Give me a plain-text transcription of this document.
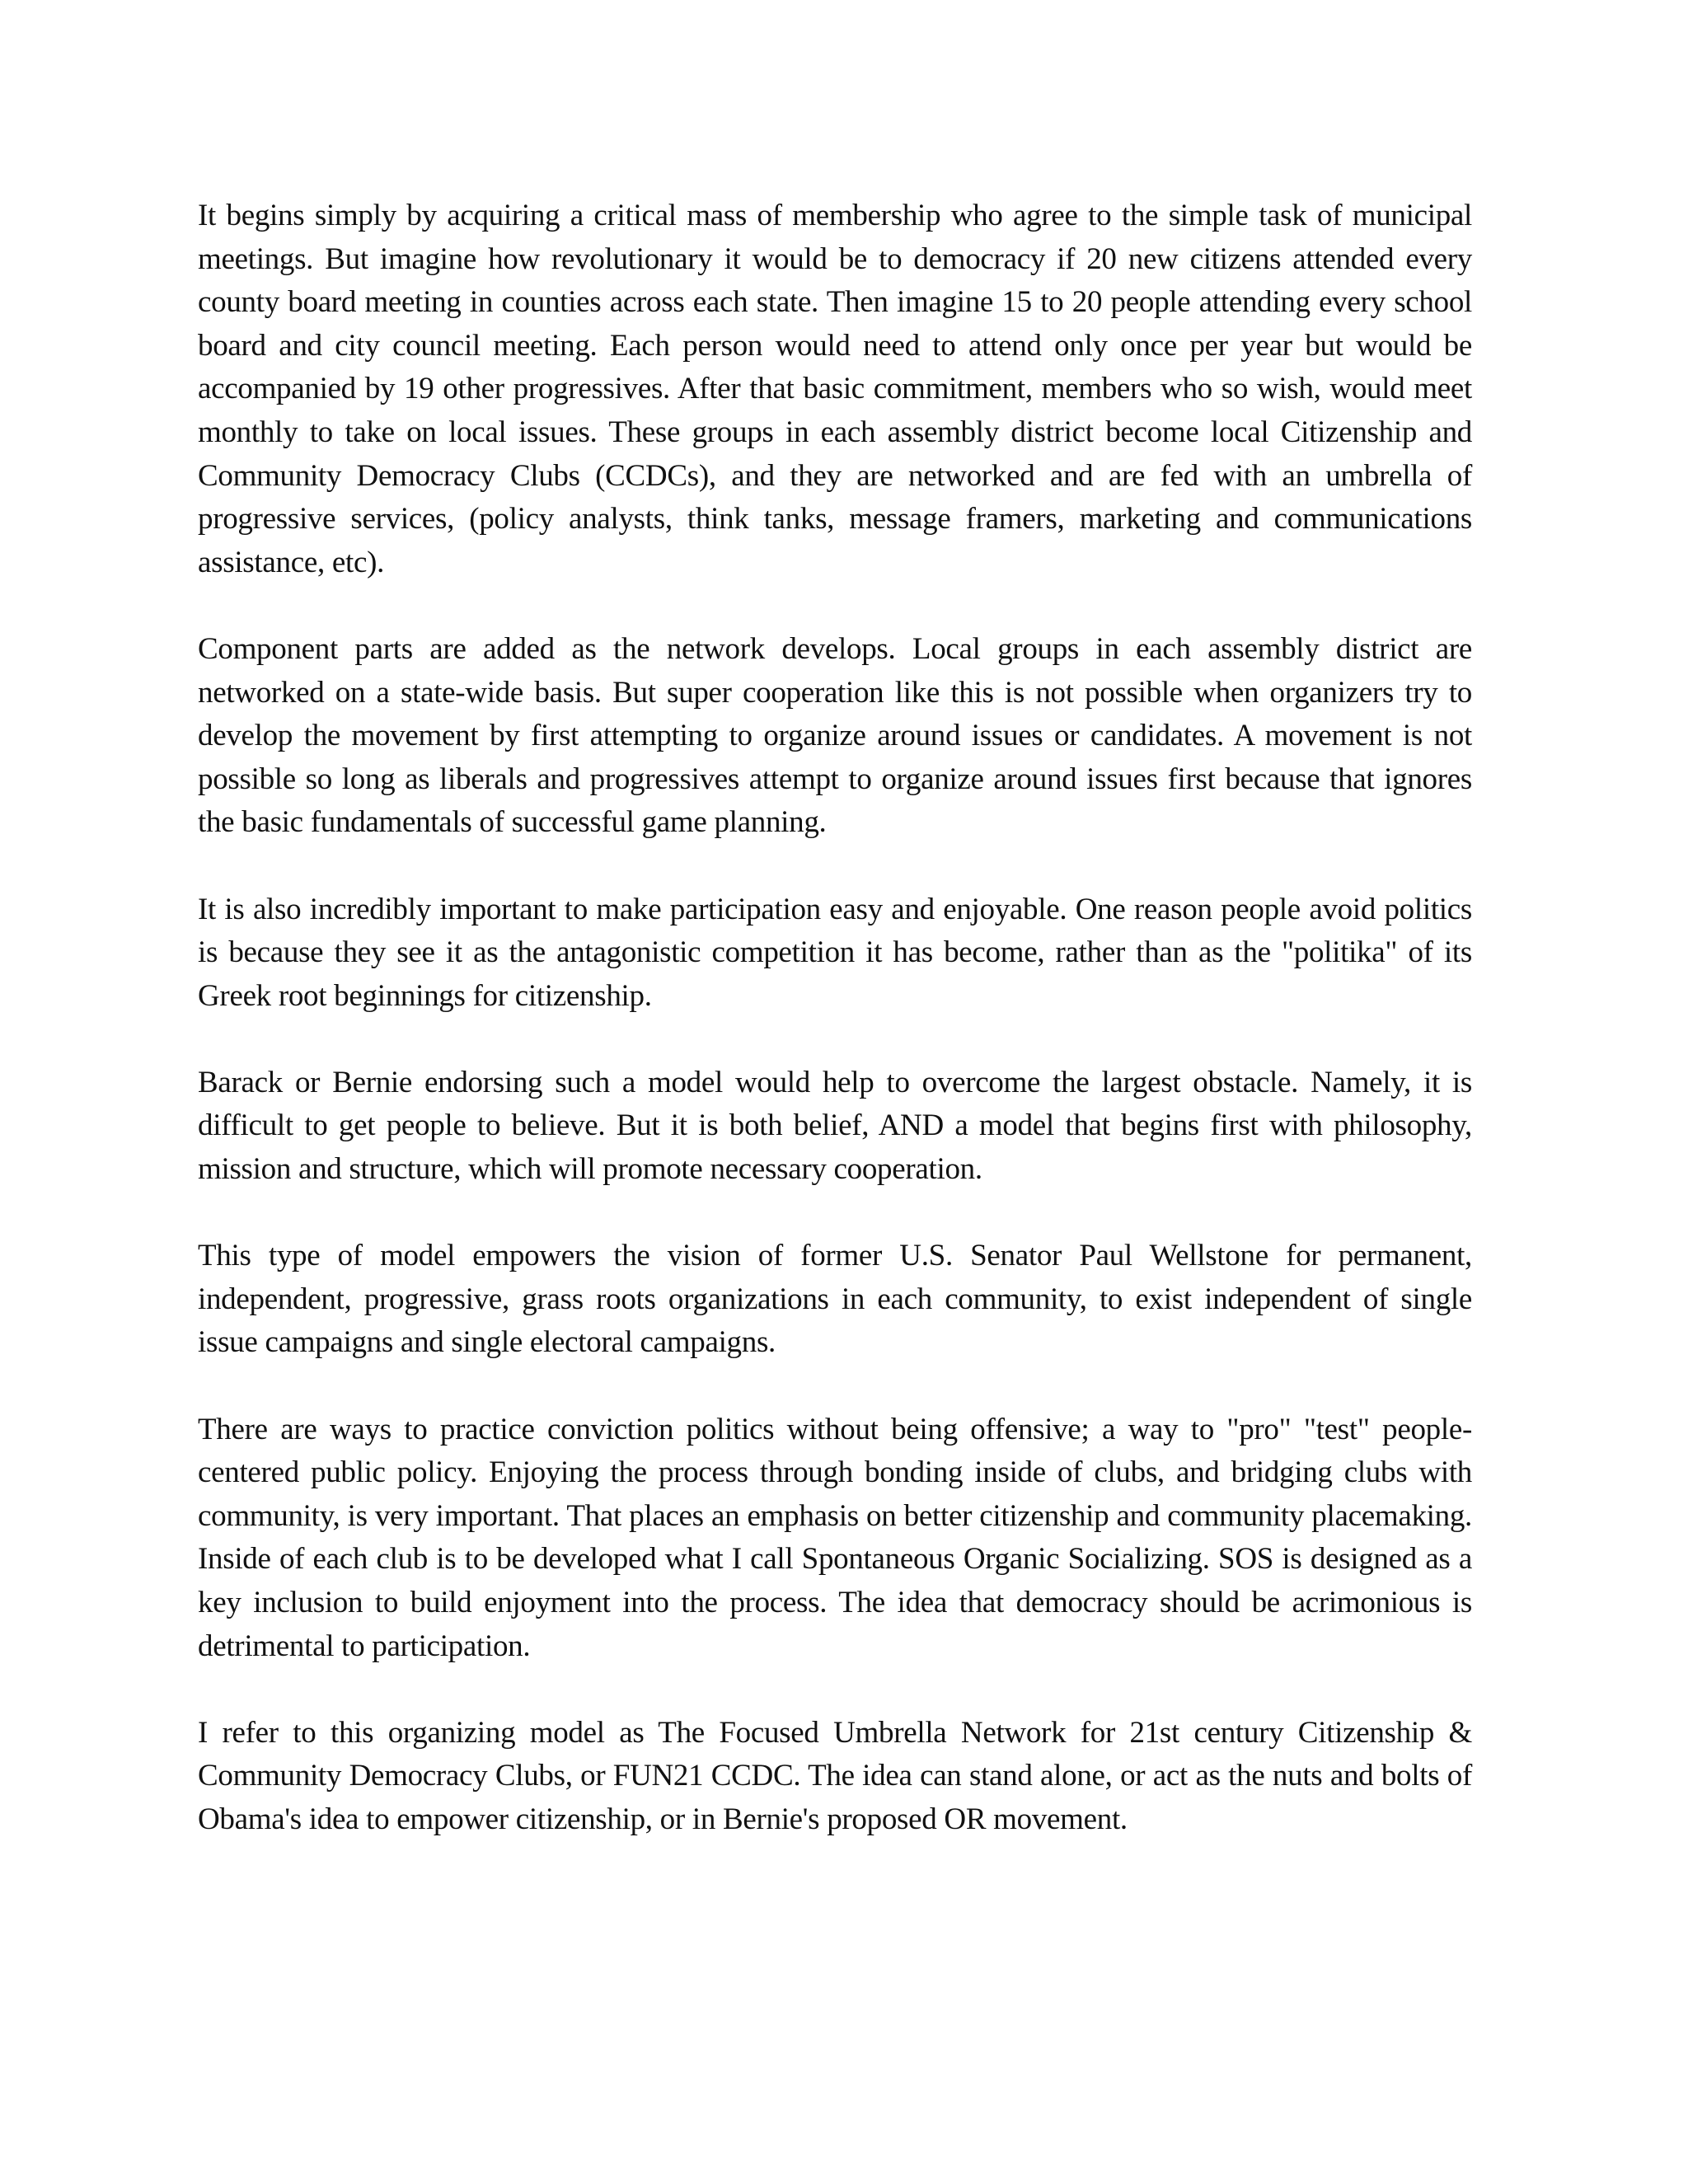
It begins simply by acquiring a critical mass of membership who agree to the simple task of municipal meetings. But imagine how revolutionary it would be to democracy if 20 new citizens attended every county board meeting in counties across each state. Then imagine 15 to 20 people attending every school board and city council meeting. Each person would need to attend only once per year but would be accompanied by 19 other progressives. After that basic commitment, members who so wish, would meet monthly to take on local issues. These groups in each assembly district become local Citizenship and Community Democracy Clubs (CCDCs), and they are networked and are fed with an umbrella of progressive services, (policy analysts, think tanks, message framers, marketing and communications assistance, etc).

Component parts are added as the network develops. Local groups in each assembly district are networked on a state-wide basis. But super cooperation like this is not possible when organizers try to develop the movement by first attempting to organize around issues or candidates. A movement is not possible so long as liberals and progressives attempt to organize around issues first because that ignores the basic fundamentals of successful game planning.

It is also incredibly important to make participation easy and enjoyable. One reason people avoid politics is because they see it as the antagonistic competition it has become, rather than as the "politika" of its Greek root beginnings for citizenship.

Barack or Bernie endorsing such a model would help to overcome the largest obstacle. Namely, it is difficult to get people to believe. But it is both belief, AND a model that begins first with philosophy, mission and structure, which will promote necessary cooperation.

This type of model empowers the vision of former U.S. Senator Paul Wellstone for permanent, independent, progressive, grass roots organizations in each community, to exist independent of single issue campaigns and single electoral campaigns.

There are ways to practice conviction politics without being offensive; a way to "pro" "test" people-centered public policy. Enjoying the process through bonding inside of clubs, and bridging clubs with community, is very important. That places an emphasis on better citizenship and community placemaking. Inside of each club is to be developed what I call Spontaneous Organic Socializing. SOS is designed as a key inclusion to build enjoyment into the process. The idea that democracy should be acrimonious is detrimental to participation.

I refer to this organizing model as The Focused Umbrella Network for 21st century Citizenship & Community Democracy Clubs, or FUN21 CCDC. The idea can stand alone, or act as the nuts and bolts of Obama's idea to empower citizenship, or in Bernie's proposed OR movement.
